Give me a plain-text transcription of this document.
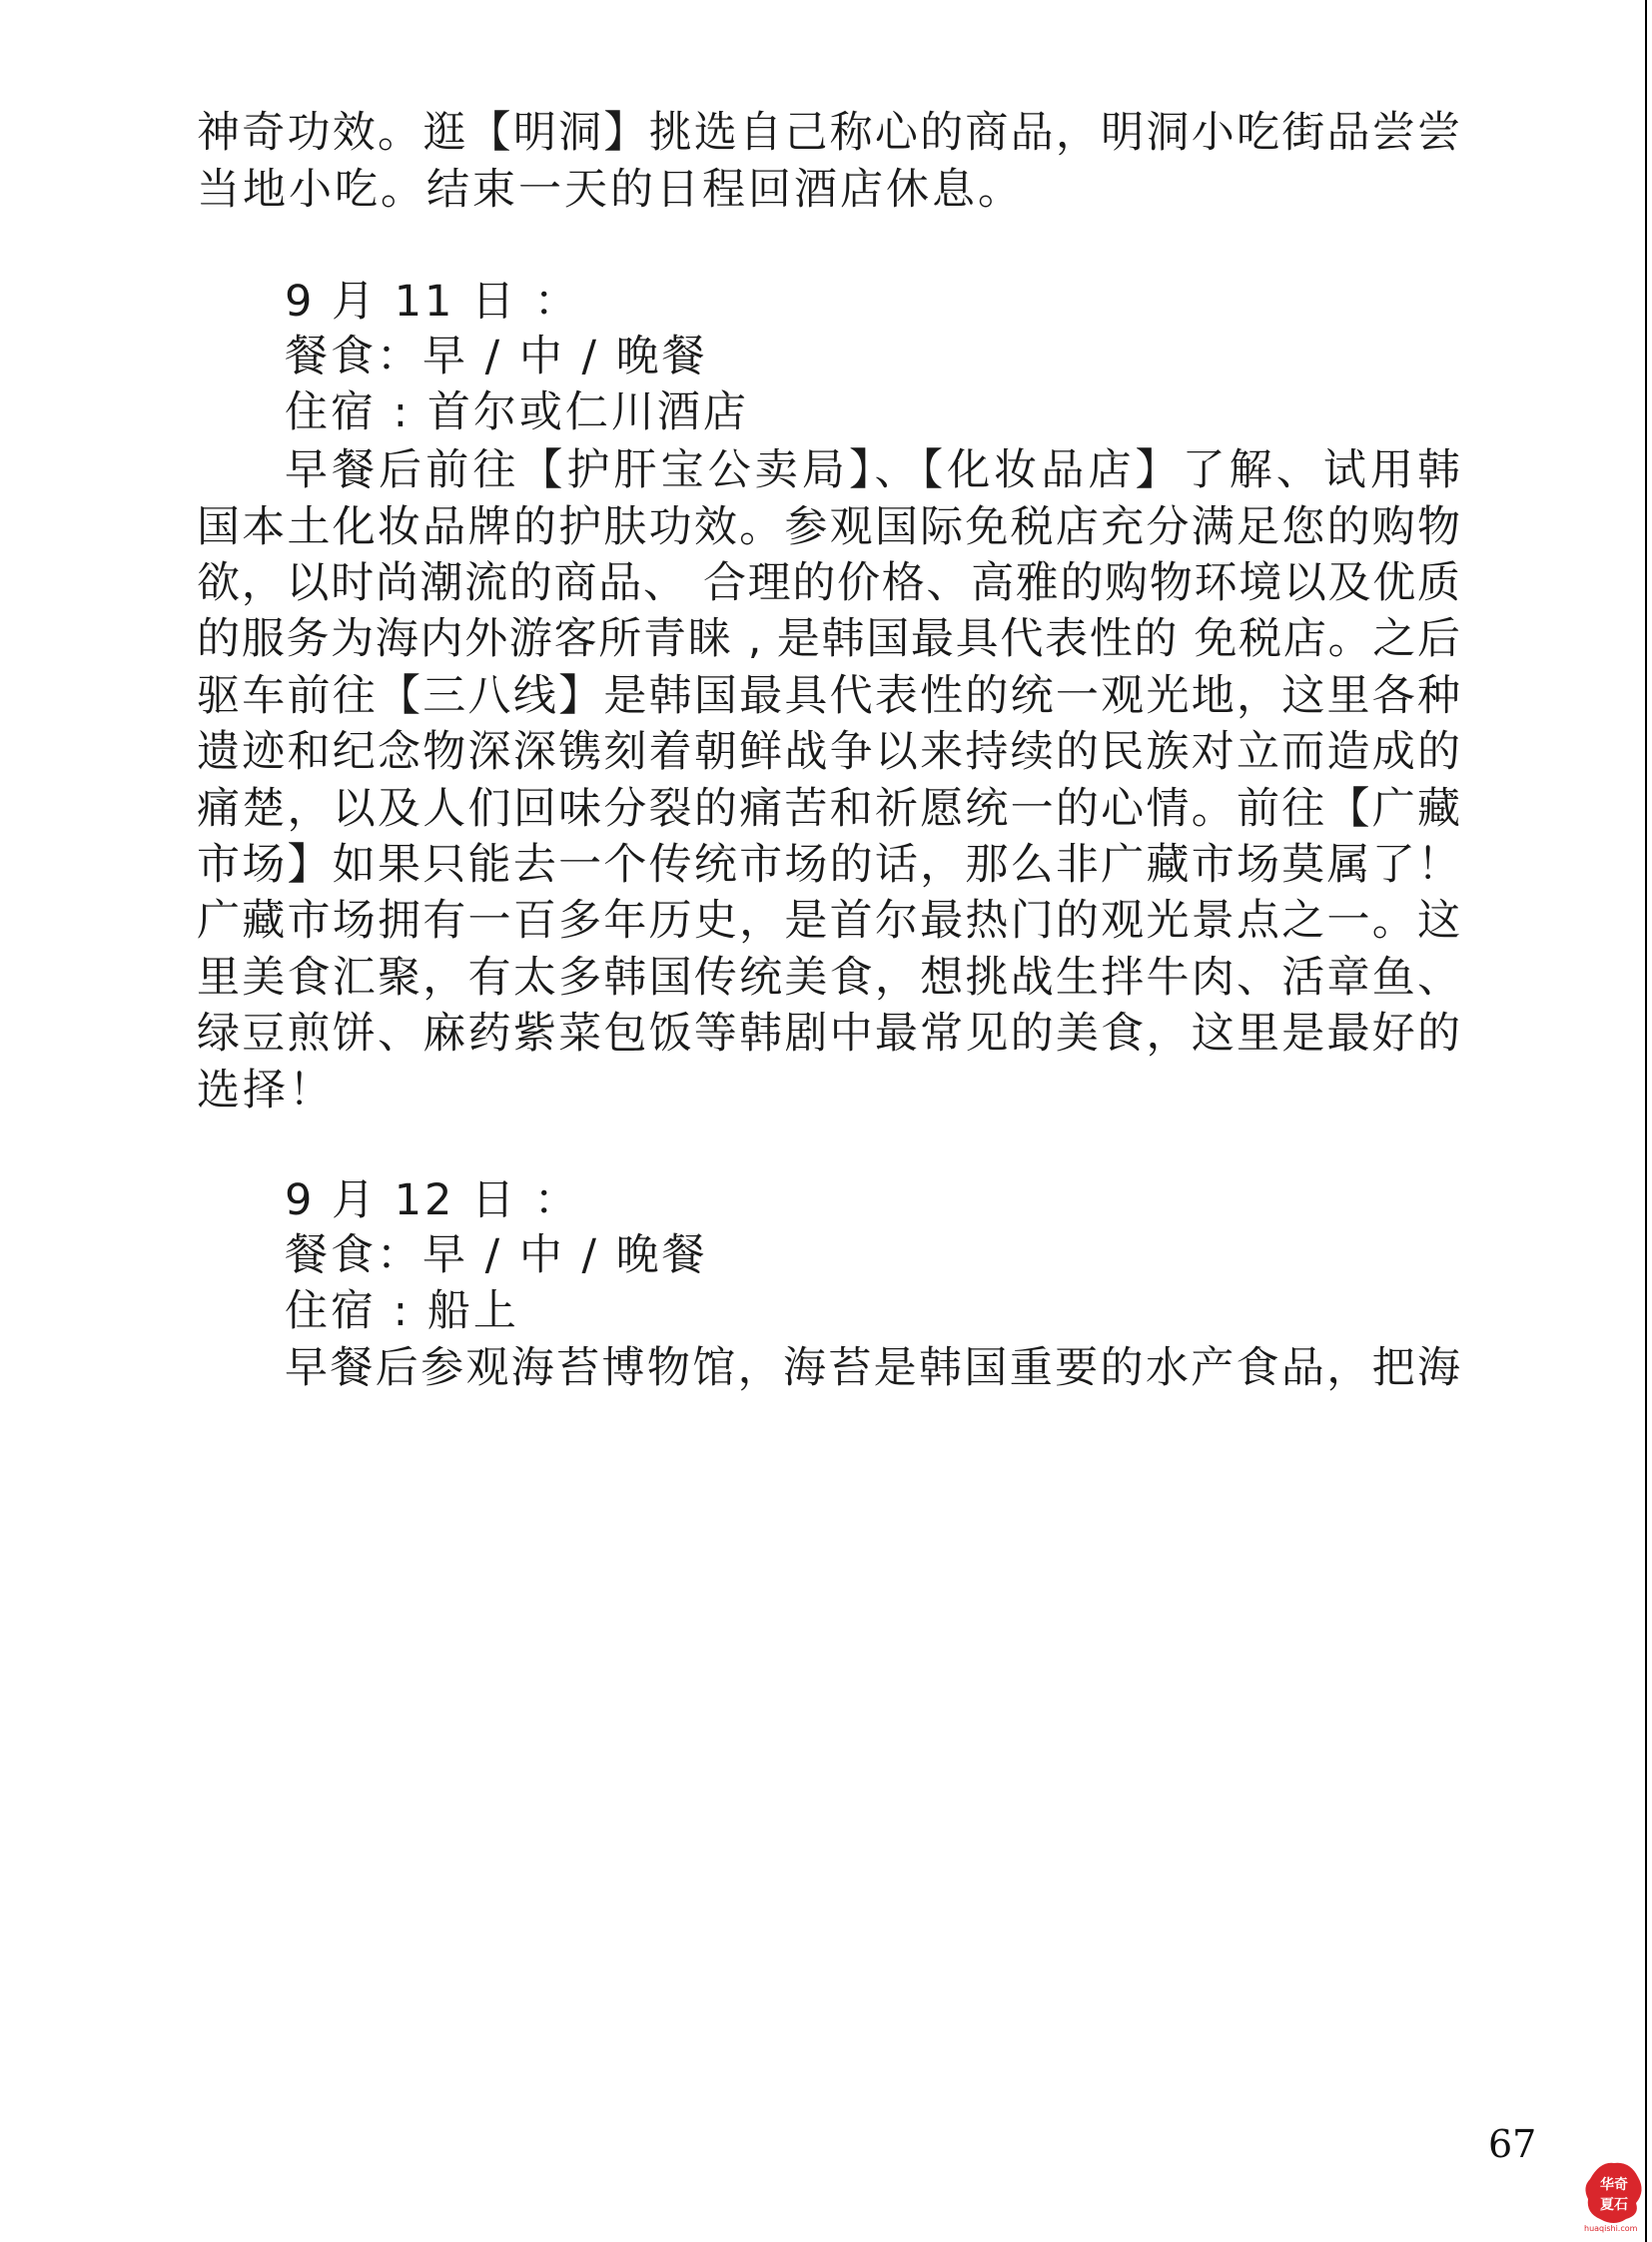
神奇功效。逛【明洞】挑选自己称心的商品，明洞小吃街品尝尝
当地小吃。结束一天的日程回酒店休息。
9 月 11 日 ：
餐食：早 / 中 / 晚餐
住宿 : 首尔或仁川酒店
早餐后前往【护肝宝公卖局】、【化妆品店】了解、试用韩
国本土化妆品牌的护肤功效。参观国际免税店充分满足您的购物
欲，以时尚潮流的商品、 合理的价格、高雅的购物环境以及优质
的服务为海内外游客所青睐 , 是韩国最具代表性的 免税店。之后
驱车前往【三八线】是韩国最具代表性的统一观光地，这里各种
遗迹和纪念物深深镌刻着朝鲜战争以来持续的民族对立而造成的
痛楚，以及人们回味分裂的痛苦和祈愿统一的心情。前往【广藏
市场】如果只能去一个传统市场的话，那么非广藏市场莫属了！
广藏市场拥有一百多年历史，是首尔最热门的观光景点之一。这
里美食汇聚，有太多韩国传统美食，想挑战生拌牛肉、活章鱼、
绿豆煎饼、麻药紫菜包饭等韩剧中最常见的美食，这里是最好的
选择！
9 月 12 日 ：
餐食：早 / 中 / 晚餐
住宿 : 船上
早餐后参观海苔博物馆，海苔是韩国重要的水产食品，把海
67
华奇
夏石
huaqishi.com
